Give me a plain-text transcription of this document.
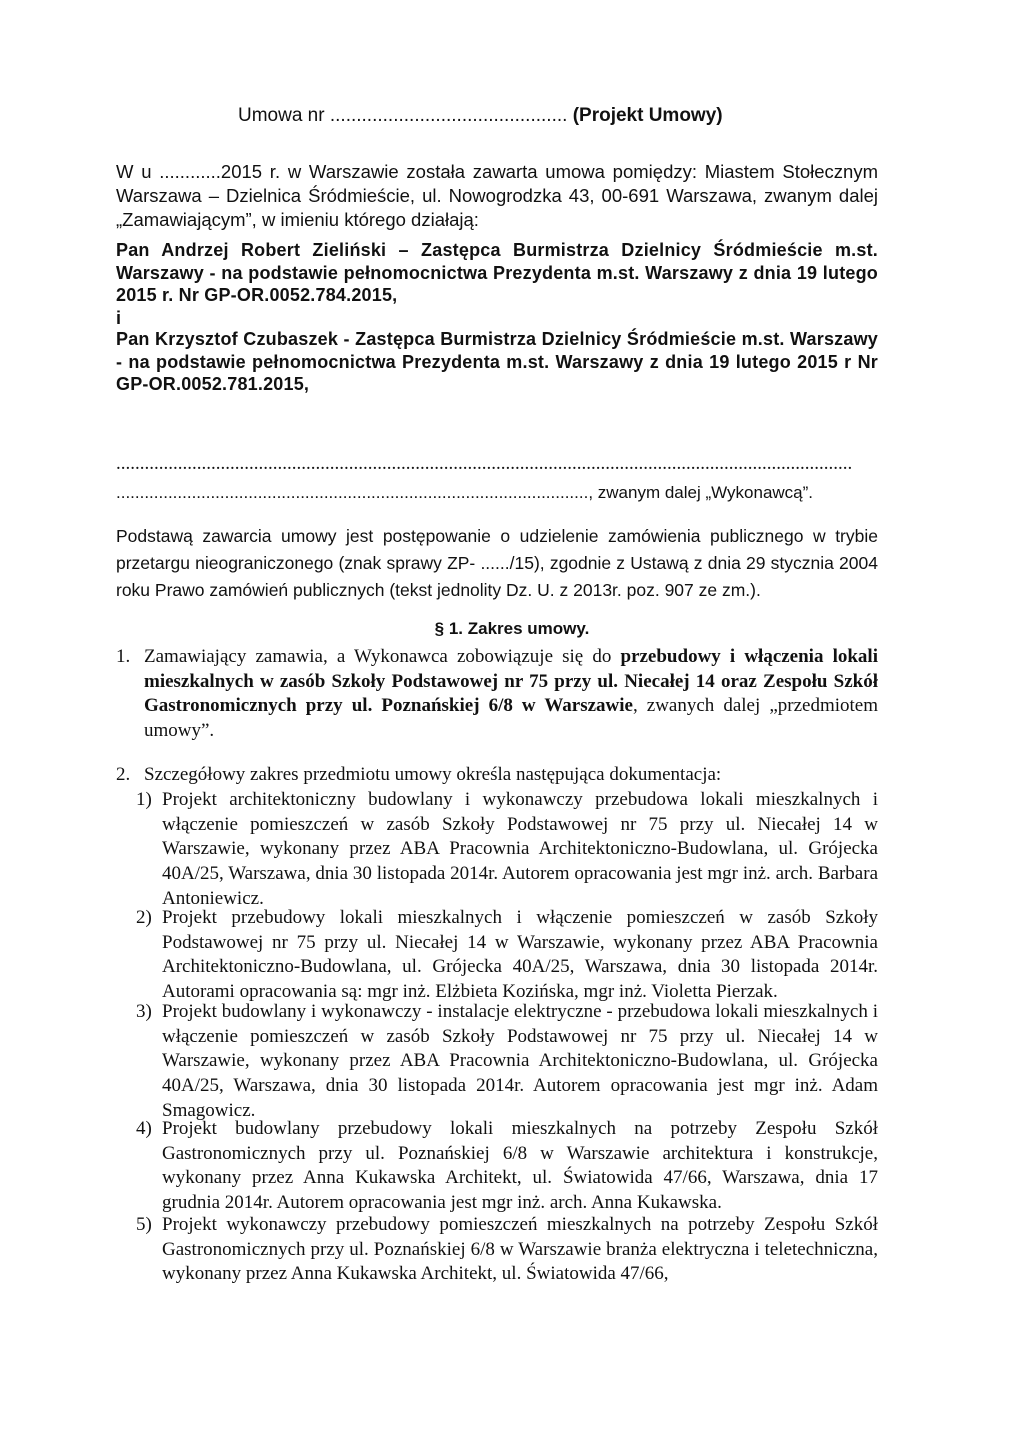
Umowa nr ............................................. (Projekt Umowy)
W u ............2015 r. w Warszawie została zawarta umowa pomiędzy: Miastem Stołecznym Warszawa – Dzielnica Śródmieście, ul. Nowogrodzka 43, 00-691 Warszawa, zwanym dalej „Zamawiającym”, w imieniu którego działają:
Pan Andrzej Robert Zieliński – Zastępca Burmistrza Dzielnicy Śródmieście m.st. Warszawy - na podstawie pełnomocnictwa Prezydenta m.st. Warszawy z dnia 19 lutego 2015 r. Nr GP-OR.0052.784.2015,
i
Pan Krzysztof Czubaszek - Zastępca Burmistrza Dzielnicy Śródmieście m.st. Warszawy - na podstawie pełnomocnictwa Prezydenta m.st. Warszawy z dnia 19 lutego 2015 r Nr GP-OR.0052.781.2015,
...........................................................................................................................................................
...................................................................................................., zwanym dalej „Wykonawcą”.
Podstawą zawarcia umowy jest postępowanie o udzielenie zamówienia publicznego w trybie przetargu nieograniczonego (znak sprawy ZP- ....../15), zgodnie z Ustawą z dnia 29 stycznia 2004 roku Prawo zamówień publicznych (tekst jednolity Dz. U. z 2013r. poz. 907 ze zm.).
§ 1. Zakres umowy.
1. Zamawiający zamawia, a Wykonawca zobowiązuje się do przebudowy i włączenia lokali mieszkalnych w zasób Szkoły Podstawowej nr 75 przy ul. Niecałej 14 oraz Zespołu Szkół Gastronomicznych przy ul. Poznańskiej 6/8 w Warszawie, zwanych dalej „przedmiotem umowy”.
2. Szczegółowy zakres przedmiotu umowy określa następująca dokumentacja:
1) Projekt architektoniczny budowlany i wykonawczy przebudowa lokali mieszkalnych i włączenie pomieszczeń w zasób Szkoły Podstawowej nr 75 przy ul. Niecałej 14 w Warszawie, wykonany przez ABA Pracownia Architektoniczno-Budowlana, ul. Grójecka 40A/25, Warszawa, dnia 30 listopada 2014r. Autorem opracowania jest mgr inż. arch. Barbara Antoniewicz.
2) Projekt przebudowy lokali mieszkalnych i włączenie pomieszczeń w zasób Szkoły Podstawowej nr 75 przy ul. Niecałej 14 w Warszawie, wykonany przez ABA Pracownia Architektoniczno-Budowlana, ul. Grójecka 40A/25, Warszawa, dnia 30 listopada 2014r. Autorami opracowania są: mgr inż. Elżbieta Kozińska, mgr inż. Violetta Pierzak.
3) Projekt budowlany i wykonawczy - instalacje elektryczne - przebudowa lokali mieszkalnych i włączenie pomieszczeń w zasób Szkoły Podstawowej nr 75 przy ul. Niecałej 14 w Warszawie, wykonany przez ABA Pracownia Architektoniczno-Budowlana, ul. Grójecka 40A/25, Warszawa, dnia 30 listopada 2014r. Autorem opracowania jest mgr inż. Adam Smagowicz.
4) Projekt budowlany przebudowy lokali mieszkalnych na potrzeby Zespołu Szkół Gastronomicznych przy ul. Poznańskiej 6/8 w Warszawie architektura i konstrukcje, wykonany przez Anna Kukawska Architekt, ul. Światowida 47/66, Warszawa, dnia 17 grudnia 2014r. Autorem opracowania jest mgr inż. arch. Anna Kukawska.
5) Projekt wykonawczy przebudowy pomieszczeń mieszkalnych na potrzeby Zespołu Szkół Gastronomicznych przy ul. Poznańskiej 6/8 w Warszawie branża elektryczna i teletechniczna, wykonany przez Anna Kukawska Architekt, ul. Światowida 47/66,
